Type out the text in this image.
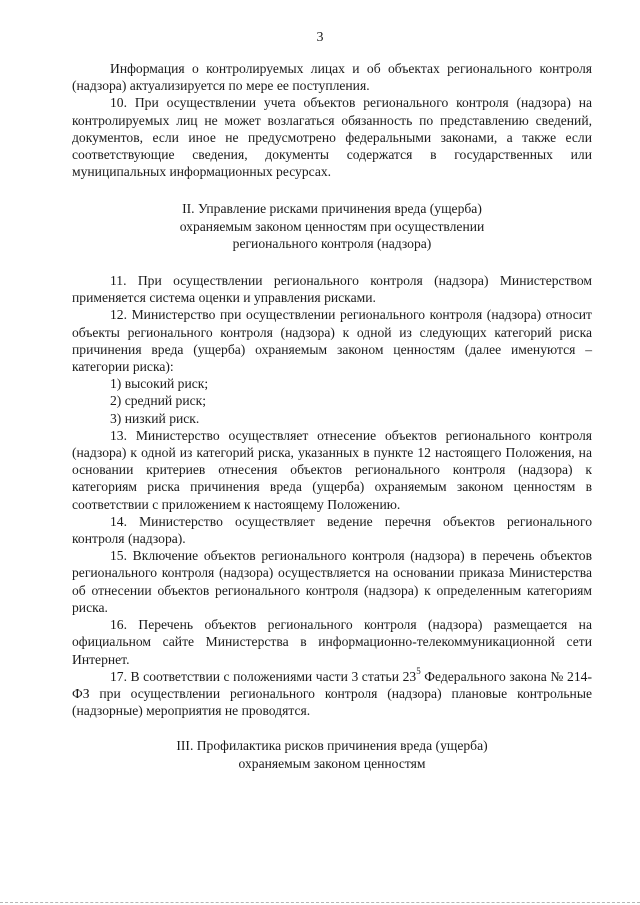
3

Информация о контролируемых лицах и об объектах регионального контроля (надзора) актуализируется по мере ее поступления.

10. При осуществлении учета объектов регионального контроля (надзора) на контролируемых лиц не может возлагаться обязанность по представлению сведений, документов, если иное не предусмотрено федеральными законами, а также если соответствующие сведения, документы содержатся в государственных или муниципальных информационных ресурсах.

II. Управление рисками причинения вреда (ущерба)
охраняемым законом ценностям при осуществлении
регионального контроля (надзора)

11. При осуществлении регионального контроля (надзора) Министерством применяется система оценки и управления рисками.

12. Министерство при осуществлении регионального контроля (надзора) относит объекты регионального контроля (надзора) к одной из следующих категорий риска причинения вреда (ущерба) охраняемым законом ценностям (далее именуются – категории риска):

1) высокий риск;

2) средний риск;

3) низкий риск.

13. Министерство осуществляет отнесение объектов регионального контроля (надзора) к одной из категорий риска, указанных в пункте 12 настоящего Положения, на основании критериев отнесения объектов регионального контроля (надзора) к категориям риска причинения вреда (ущерба) охраняемым законом ценностям в соответствии с приложением к настоящему Положению.

14. Министерство осуществляет ведение перечня объектов регионального контроля (надзора).

15. Включение объектов регионального контроля (надзора) в перечень объектов регионального контроля (надзора) осуществляется на основании приказа Министерства об отнесении объектов регионального контроля (надзора) к определенным категориям риска.

16. Перечень объектов регионального контроля (надзора) размещается на официальном сайте Министерства в информационно-телекоммуникационной сети Интернет.

17. В соответствии с положениями части 3 статьи $23^5$ Федерального закона № 214-ФЗ при осуществлении регионального контроля (надзора) плановые контрольные (надзорные) мероприятия не проводятся.

III. Профилактика рисков причинения вреда (ущерба)
охраняемым законом ценностям
